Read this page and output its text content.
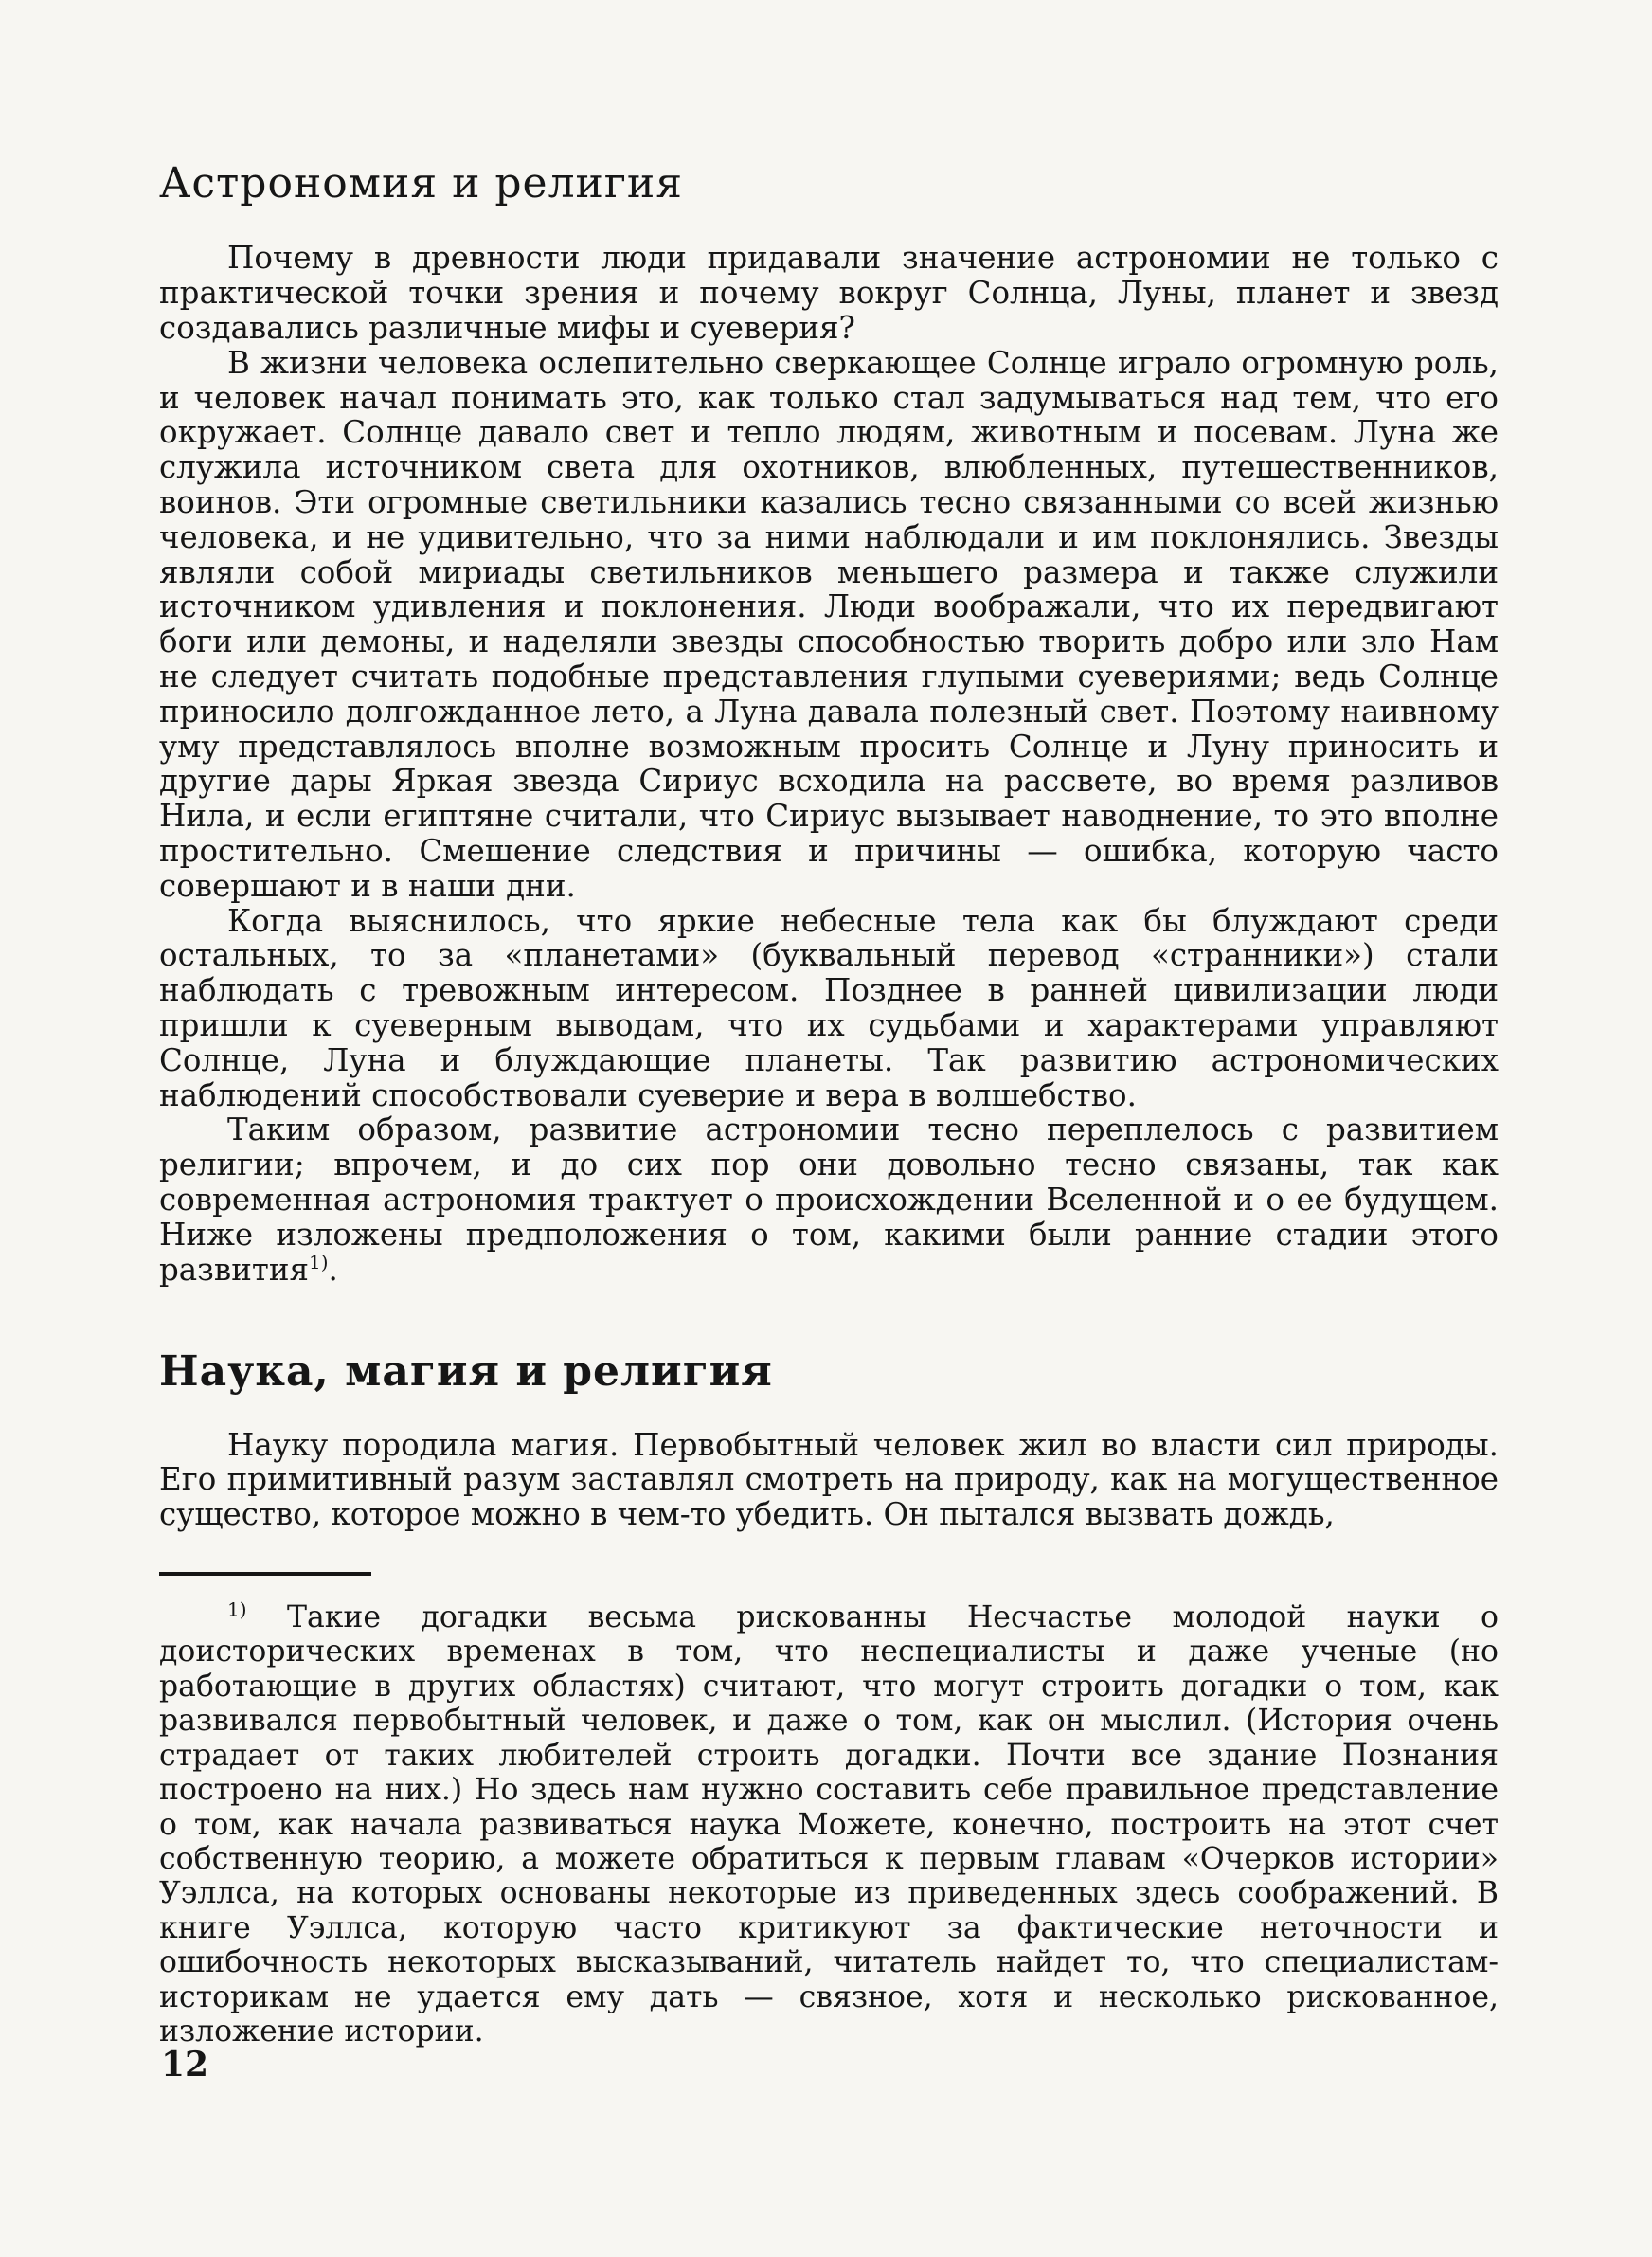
Астрономия и религия

Почему в древности люди придавали значение астрономии не только с практической точки зрения и почему вокруг Солнца, Луны, планет и звезд создавались различные мифы и суеверия?

В жизни человека ослепительно сверкающее Солнце играло огромную роль, и человек начал понимать это, как только стал задумываться над тем, что его окружает. Солнце давало свет и тепло людям, животным и посевам. Луна же служила источником света для охотников, влюбленных, путешественников, воинов. Эти огромные светильники казались тесно связанными со всей жизнью человека, и не удивительно, что за ними наблюдали и им поклонялись. Звезды являли собой мириады светильников меньшего размера и также служили источником удивления и поклонения. Люди воображали, что их передвигают боги или демоны, и наделяли звезды способностью творить добро или зло Нам не следует считать подобные представления глупыми суевериями; ведь Солнце приносило долгожданное лето, а Луна давала полезный свет. Поэтому наивному уму представлялось вполне возможным просить Солнце и Луну приносить и другие дары Яркая звезда Сириус всходила на рассвете, во время разливов Нила, и если египтяне считали, что Сириус вызывает наводнение, то это вполне простительно. Смешение следствия и причины — ошибка, которую часто совершают и в наши дни.

Когда выяснилось, что яркие небесные тела как бы блуждают среди остальных, то за «планетами» (буквальный перевод «странники») стали наблюдать с тревожным интересом. Позднее в ранней цивилизации люди пришли к суеверным выводам, что их судьбами и характерами управляют Солнце, Луна и блуждающие планеты. Так развитию астрономических наблюдений способствовали суеверие и вера в волшебство.

Таким образом, развитие астрономии тесно переплелось с развитием религии; впрочем, и до сих пор они довольно тесно связаны, так как современная астрономия трактует о происхождении Вселенной и о ее будущем. Ниже изложены предположения о том, какими были ранние стадии этого развития$^{1)}$.

Наука, магия и религия

Науку породила магия. Первобытный человек жил во власти сил природы. Его примитивный разум заставлял смотреть на природу, как на могущественное существо, которое можно в чем-то убедить. Он пытался вызвать дождь,

$^{1)}$ Такие догадки весьма рискованны Несчастье молодой науки о доисторических временах в том, что неспециалисты и даже ученые (но работающие в других областях) считают, что могут строить догадки о том, как развивался первобытный человек, и даже о том, как он мыслил. (История очень страдает от таких любителей строить догадки. Почти все здание Познания построено на них.) Но здесь нам нужно составить себе правильное представление о том, как начала развиваться наука Можете, конечно, построить на этот счет собственную теорию, а можете обратиться к первым главам «Очерков истории» Уэллса, на которых основаны некоторые из приведенных здесь соображений. В книге Уэллса, которую часто критикуют за фактические неточности и ошибочность некоторых высказываний, читатель найдет то, что специалистам-историкам не удается ему дать — связное, хотя и несколько рискованное, изложение истории.

12
